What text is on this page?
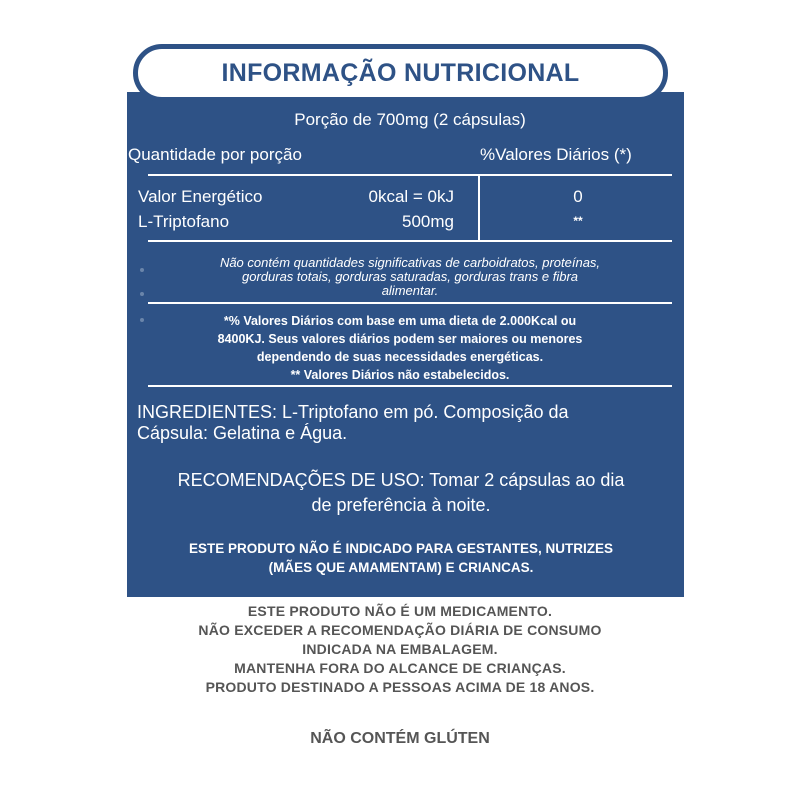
INFORMAÇÃO NUTRICIONAL
Porção de 700mg (2 cápsulas)
Quantidade por porção	%Valores Diários (*)
Valor Energético	0kcal = 0kJ	0
L-Triptofano	500mg	**
Não contém quantidades significativas de carboidratos, proteínas,
gorduras totais, gorduras saturadas, gorduras trans e fibra
alimentar.

*% Valores Diários com base em uma dieta de 2.000Kcal ou

8400KJ. Seus valores diários podem ser maiores ou menores

dependendo de suas necessidades energéticas.

** Valores Diários não estabelecidos.

INGREDIENTES: L-Triptofano em pó. Composição da
Cápsula: Gelatina e Água.
RECOMENDAÇÕES DE USO: Tomar 2 cápsulas ao dia
de preferência à noite.
ESTE PRODUTO NÃO É INDICADO PARA GESTANTES, NUTRIZES
(MÃES QUE AMAMENTAM) E CRIANCAS.

ESTE PRODUTO NÃO É UM MEDICAMENTO.

NÃO EXCEDER A RECOMENDAÇÃO DIÁRIA DE CONSUMO

INDICADA NA EMBALAGEM.

MANTENHA FORA DO ALCANCE DE CRIANÇAS.

PRODUTO DESTINADO A PESSOAS ACIMA DE 18 ANOS.

NÃO CONTÉM GLÚTEN
